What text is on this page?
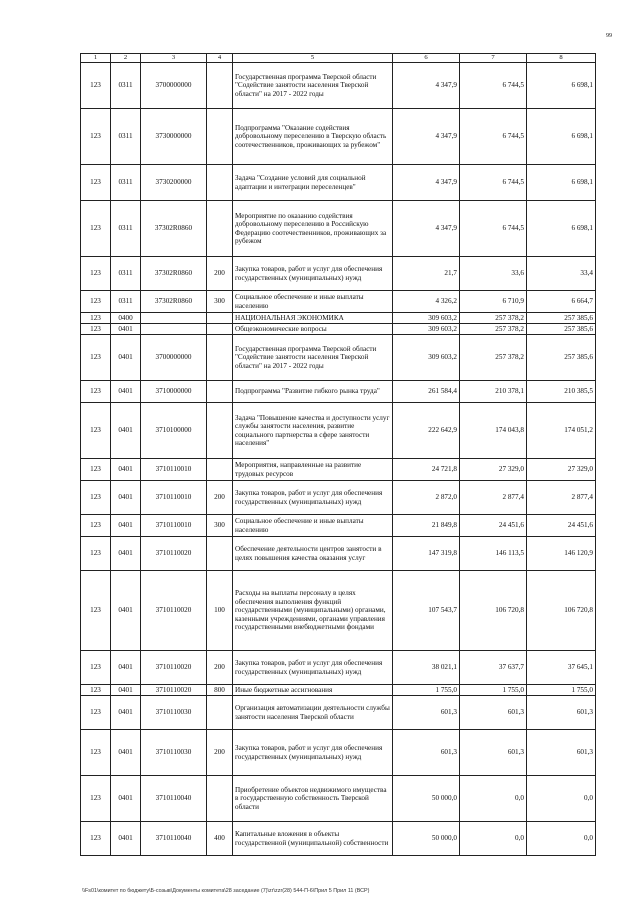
99
1	2	3	4	5	6	7	8
123	0311	3700000000		Государственная программа Тверской области "Содействие занятости населения Тверской области" на 2017 - 2022 годы	4 347,9	6 744,5	6 698,1
123	0311	3730000000		Подпрограмма "Оказание содействия добровольному переселению в Тверскую область соотечественников, проживающих за рубежом"	4 347,9	6 744,5	6 698,1
123	0311	3730200000		Задача "Создание условий для социальной адаптации и интеграции переселенцев"	4 347,9	6 744,5	6 698,1
123	0311	37302R0860		Мероприятие по оказанию содействия добровольному переселению в Российскую Федерацию соотечественников, проживающих за рубежом	4 347,9	6 744,5	6 698,1
123	0311	37302R0860	200	Закупка товаров, работ и услуг для обеспечения государственных (муниципальных) нужд	21,7	33,6	33,4
123	0311	37302R0860	300	Социальное обеспечение и иные выплаты населению	4 326,2	6 710,9	6 664,7
123	0400			НАЦИОНАЛЬНАЯ ЭКОНОМИКА	309 603,2	257 378,2	257 385,6
123	0401			Общеэкономические вопросы	309 603,2	257 378,2	257 385,6
123	0401	3700000000		Государственная программа Тверской области "Содействие занятости населения Тверской области" на 2017 - 2022 годы	309 603,2	257 378,2	257 385,6
123	0401	3710000000		Подпрограмма "Развитие гибкого рынка труда"	261 584,4	210 378,1	210 385,5
123	0401	3710100000		Задача "Повышение качества и доступности услуг службы занятости населения, развитие социального партнерства в сфере занятости населения"	222 642,9	174 043,8	174 051,2
123	0401	3710110010		Мероприятия, направленные на развитие трудовых ресурсов	24 721,8	27 329,0	27 329,0
123	0401	3710110010	200	Закупка товаров, работ и услуг для обеспечения государственных (муниципальных) нужд	2 872,0	2 877,4	2 877,4
123	0401	3710110010	300	Социальное обеспечение и иные выплаты населению	21 849,8	24 451,6	24 451,6
123	0401	3710110020		Обеспечение деятельности центров занятости в целях повышения качества оказания услуг	147 319,8	146 113,5	146 120,9
123	0401	3710110020	100	Расходы на выплаты персоналу в целях обеспечения выполнения функций государственными (муниципальными) органами, казенными учреждениями, органами управления государственными внебюджетными фондами	107 543,7	106 720,8	106 720,8
123	0401	3710110020	200	Закупка товаров, работ и услуг для обеспечения государственных (муниципальных) нужд	38 021,1	37 637,7	37 645,1
123	0401	3710110020	800	Иные бюджетные ассигнования	1 755,0	1 755,0	1 755,0
123	0401	3710110030		Организация автоматизации деятельности службы занятости населения Тверской области	601,3	601,3	601,3
123	0401	3710110030	200	Закупка товаров, работ и услуг для обеспечения государственных (муниципальных) нужд	601,3	601,3	601,3
123	0401	3710110040		Приобретение объектов недвижимого имущества в государственную собственность Тверской области	50 000,0	0,0	0,0
123	0401	3710110040	400	Капитальные вложения в объекты государственной (муниципальной) собственности	50 000,0	0,0	0,0
\\Fs01\комитет по бюджету\Б-созыв\Документы комитета\28 заседание (7)\zr\zzr(28) 544-П-6\Прил 5 Прил 11 (ВСР)
